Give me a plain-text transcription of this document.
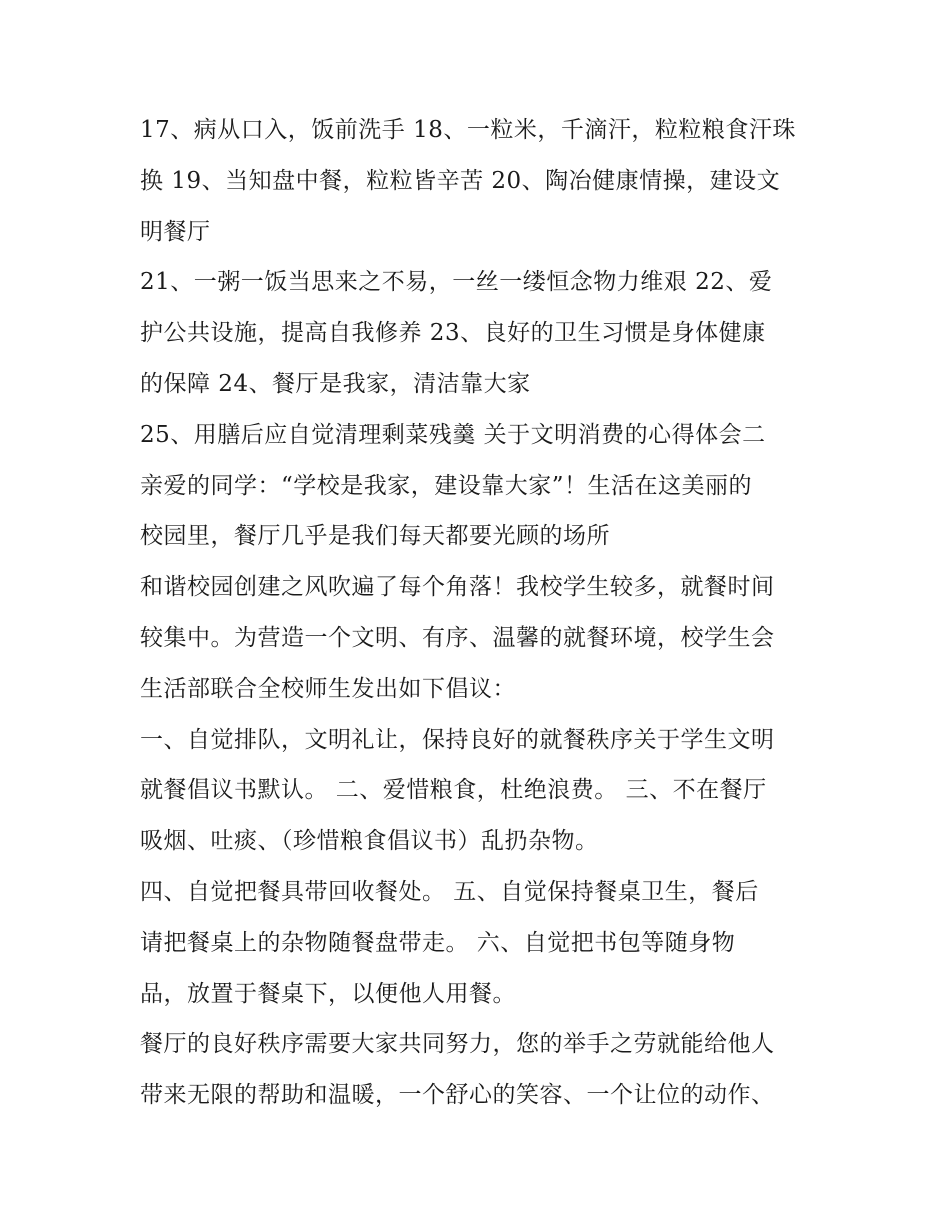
17、病从口入，饭前洗手 18、一粒米，千滴汗，粒粒粮食汗珠
换 19、当知盘中餐，粒粒皆辛苦 20、陶冶健康情操，建设文
明餐厅

21、一粥一饭当思来之不易，一丝一缕恒念物力维艰 22、爱
护公共设施，提高自我修养 23、良好的卫生习惯是身体健康
的保障 24、餐厅是我家，清洁靠大家

25、用膳后应自觉清理剩菜残羹 关于文明消费的心得体会二
亲爱的同学：“学校是我家，建设靠大家”！生活在这美丽的
校园里，餐厅几乎是我们每天都要光顾的场所

和谐校园创建之风吹遍了每个角落！我校学生较多，就餐时间
较集中。为营造一个文明、有序、温馨的就餐环境，校学生会
生活部联合全校师生发出如下倡议：

一、自觉排队，文明礼让，保持良好的就餐秩序关于学生文明
就餐倡议书默认。 二、爱惜粮食，杜绝浪费。 三、不在餐厅
吸烟、吐痰、（珍惜粮食倡议书）乱扔杂物。

四、自觉把餐具带回收餐处。 五、自觉保持餐桌卫生，餐后
请把餐桌上的杂物随餐盘带走。 六、自觉把书包等随身物
品，放置于餐桌下，以便他人用餐。

餐厅的良好秩序需要大家共同努力，您的举手之劳就能给他人
带来无限的帮助和温暖，一个舒心的笑容、一个让位的动作、
